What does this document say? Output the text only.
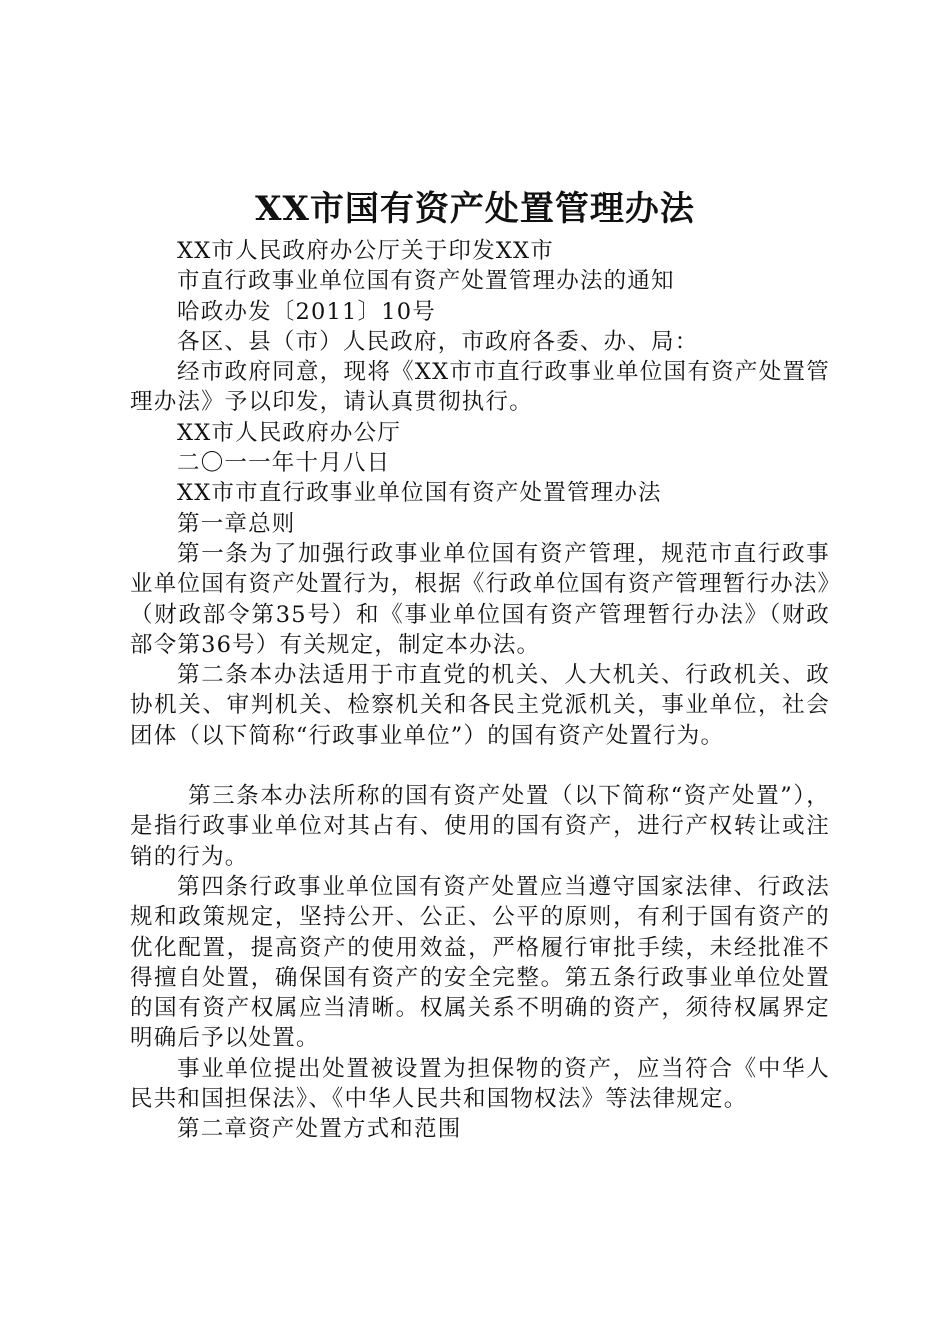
XX市国有资产处置管理办法

XX市人民政府办公厅关于印发XX市

市直行政事业单位国有资产处置管理办法的通知

哈政办发〔2011〕10号

各区、县（市）人民政府，市政府各委、办、局：

经市政府同意，现将《XX市市直行政事业单位国有资产处置管理办法》予以印发，请认真贯彻执行。

XX市人民政府办公厅

二〇一一年十月八日

XX市市直行政事业单位国有资产处置管理办法

第一章总则

第一条为了加强行政事业单位国有资产管理，规范市直行政事业单位国有资产处置行为，根据《行政单位国有资产管理暂行办法》（财政部令第35号）和《事业单位国有资产管理暂行办法》（财政部令第36号）有关规定，制定本办法。

第二条本办法适用于市直党的机关、人大机关、行政机关、政协机关、审判机关、检察机关和各民主党派机关，事业单位，社会团体（以下简称“行政事业单位”）的国有资产处置行为。

第三条本办法所称的国有资产处置（以下简称“资产处置”），是指行政事业单位对其占有、使用的国有资产，进行产权转让或注销的行为。

第四条行政事业单位国有资产处置应当遵守国家法律、行政法规和政策规定，坚持公开、公正、公平的原则，有利于国有资产的优化配置，提高资产的使用效益，严格履行审批手续，未经批准不得擅自处置，确保国有资产的安全完整。第五条行政事业单位处置的国有资产权属应当清晰。权属关系不明确的资产，须待权属界定明确后予以处置。

事业单位提出处置被设置为担保物的资产，应当符合《中华人民共和国担保法》、《中华人民共和国物权法》等法律规定。

第二章资产处置方式和范围
